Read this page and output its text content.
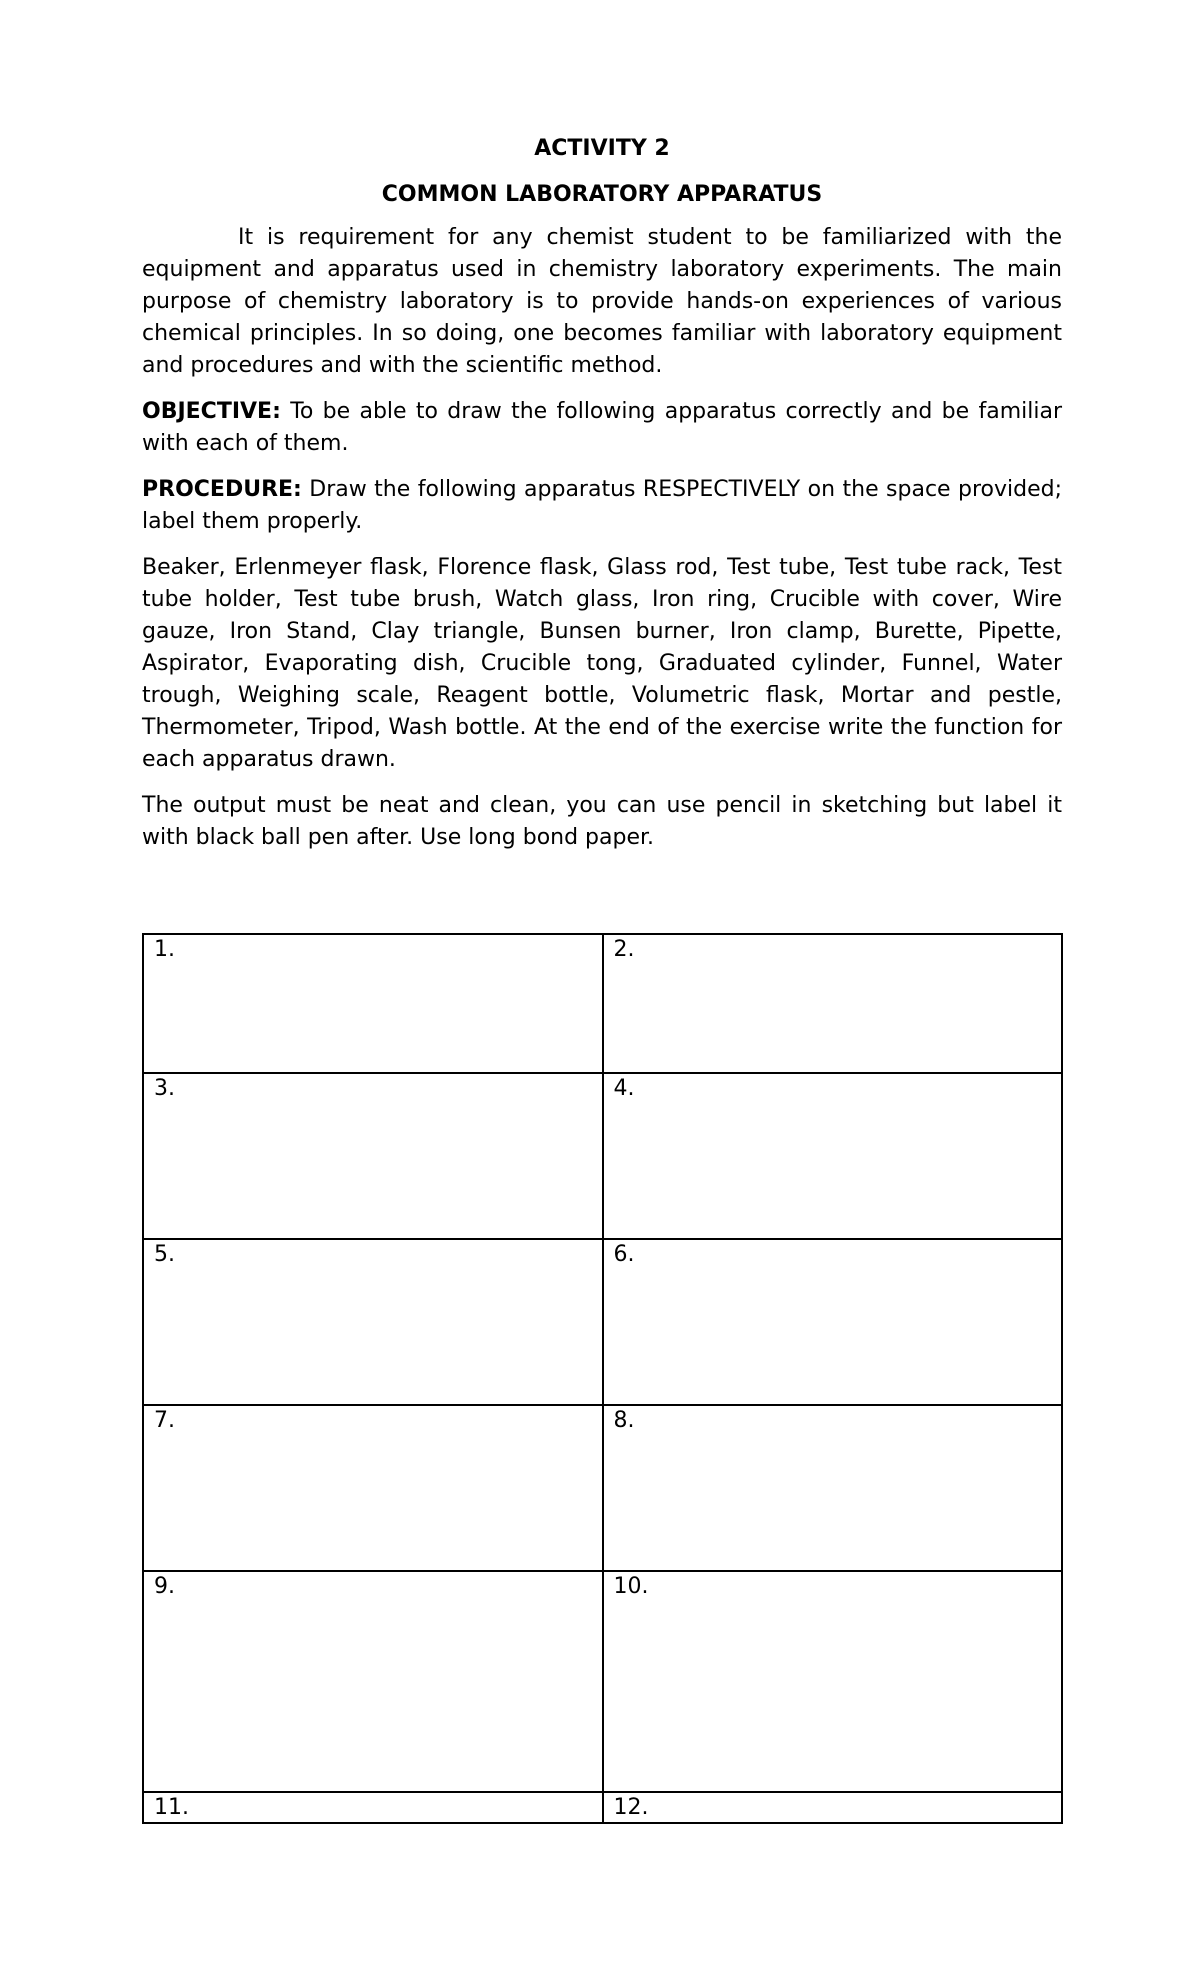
ACTIVITY 2
COMMON LABORATORY APPARATUS

It is requirement for any chemist student to be familiarized with the equipment and apparatus used in chemistry laboratory experiments. The main purpose of chemistry laboratory is to provide hands-on experiences of various chemical principles. In so doing, one becomes familiar with laboratory equipment and procedures and with the scientific method.

OBJECTIVE: To be able to draw the following apparatus correctly and be familiar with each of them.

PROCEDURE: Draw the following apparatus RESPECTIVELY on the space provided; label them properly.

Beaker, Erlenmeyer flask, Florence flask, Glass rod, Test tube, Test tube rack, Test tube holder, Test tube brush, Watch glass, Iron ring, Crucible with cover, Wire gauze, Iron Stand, Clay triangle, Bunsen burner, Iron clamp, Burette, Pipette, Aspirator, Evaporating dish, Crucible tong, Graduated cylinder, Funnel, Water trough, Weighing scale, Reagent bottle, Volumetric flask, Mortar and pestle, Thermometer, Tripod, Wash bottle. At the end of the exercise write the function for each apparatus drawn.

The output must be neat and clean, you can use pencil in sketching but label it with black ball pen after. Use long bond paper.

1.	2.

3.	4.

5.	6.

7.	8.

9.	10.

11.	12.
